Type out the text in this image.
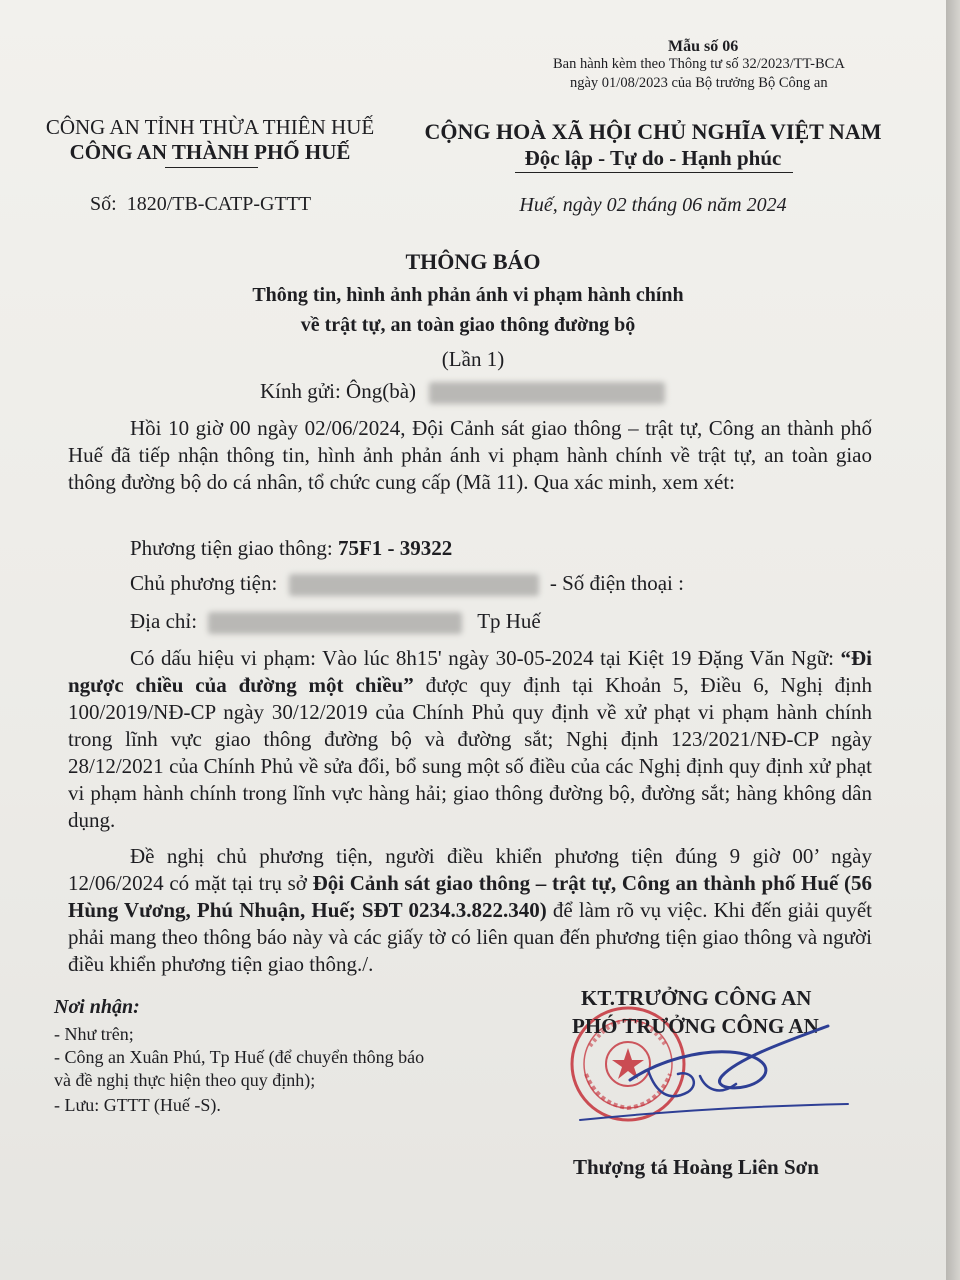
Mẫu số 06
Ban hành kèm theo Thông tư số 32/2023/TT-BCA
ngày 01/08/2023 của Bộ trưởng Bộ Công an
CÔNG AN TỈNH THỪA THIÊN HUẾ
CÔNG AN THÀNH PHỐ HUẾ
Số: 1820/TB-CATP-GTTT
CỘNG HOÀ XÃ HỘI CHỦ NGHĨA VIỆT NAM
Độc lập - Tự do - Hạnh phúc
Huế, ngày 02 tháng 06 năm 2024
THÔNG BÁO
Thông tin, hình ảnh phản ánh vi phạm hành chính
về trật tự, an toàn giao thông đường bộ
(Lần 1)
Kính gửi: Ông(bà)

Hồi 10 giờ 00 ngày 02/06/2024, Đội Cảnh sát giao thông – trật tự, Công an thành phố Huế đã tiếp nhận thông tin, hình ảnh phản ánh vi phạm hành chính về trật tự, an toàn giao thông đường bộ do cá nhân, tổ chức cung cấp (Mã 11). Qua xác minh, xem xét:

Phương tiện giao thông: 75F1 - 39322
Chủ phương tiện:	- Số điện thoại :
Địa chỉ:	Tp Huế

Có dấu hiệu vi phạm: Vào lúc 8h15' ngày 30-05-2024 tại Kiệt 19 Đặng Văn Ngữ: “Đi ngược chiều của đường một chiều” được quy định tại Khoản 5, Điều 6, Nghị định 100/2019/NĐ-CP ngày 30/12/2019 của Chính Phủ quy định về xử phạt vi phạm hành chính trong lĩnh vực giao thông đường bộ và đường sắt; Nghị định 123/2021/NĐ-CP ngày 28/12/2021 của Chính Phủ về sửa đổi, bổ sung một số điều của các Nghị định quy định xử phạt vi phạm hành chính trong lĩnh vực hàng hải; giao thông đường bộ, đường sắt; hàng không dân dụng.

Đề nghị chủ phương tiện, người điều khiển phương tiện đúng 9 giờ 00’ ngày 12/06/2024 có mặt tại trụ sở Đội Cảnh sát giao thông – trật tự, Công an thành phố Huế (56 Hùng Vương, Phú Nhuận, Huế; SĐT 0234.3.822.340) để làm rõ vụ việc. Khi đến giải quyết phải mang theo thông báo này và các giấy tờ có liên quan đến phương tiện giao thông và người điều khiển phương tiện giao thông./.

Nơi nhận:
- Như trên;
- Công an Xuân Phú, Tp Huế (để chuyển thông báo
và đề nghị thực hiện theo quy định);
- Lưu: GTTT (Huế -S).
KT.TRƯỞNG CÔNG AN
PHÓ TRƯỞNG CÔNG AN
Thượng tá Hoàng Liên Sơn
